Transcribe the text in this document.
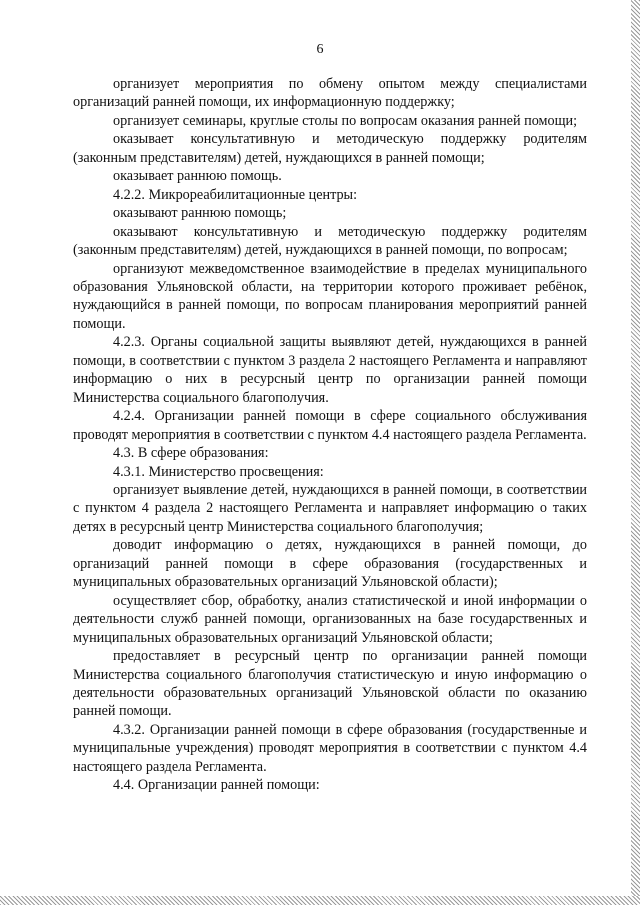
6

организует мероприятия по обмену опытом между специалистами организаций ранней помощи, их информационную поддержку;

организует семинары, круглые столы по вопросам оказания ранней помощи;

оказывает консультативную и методическую поддержку родителям (законным представителям) детей, нуждающихся в ранней помощи;

оказывает раннюю помощь.

4.2.2. Микрореабилитационные центры:

оказывают раннюю помощь;

оказывают консультативную и методическую поддержку родителям (законным представителям) детей, нуждающихся в ранней помощи, по вопросам;

организуют межведомственное взаимодействие в пределах муниципального образования Ульяновской области, на территории которого проживает ребёнок, нуждающийся в ранней помощи, по вопросам планирования мероприятий ранней помощи.

4.2.3. Органы социальной защиты выявляют детей, нуждающихся в ранней помощи, в соответствии с пунктом 3 раздела 2 настоящего Регламента и направляют информацию о них в ресурсный центр по организации ранней помощи Министерства социального благополучия.

4.2.4. Организации ранней помощи в сфере социального обслуживания проводят мероприятия в соответствии с пунктом 4.4 настоящего раздела Регламента.

4.3. В сфере образования:

4.3.1. Министерство просвещения:

организует выявление детей, нуждающихся в ранней помощи, в соответствии с пунктом 4 раздела 2 настоящего Регламента и направляет информацию о таких детях в ресурсный центр Министерства социального благополучия;

доводит информацию о детях, нуждающихся в ранней помощи, до организаций ранней помощи в сфере образования (государственных и муниципальных образовательных организаций Ульяновской области);

осуществляет сбор, обработку, анализ статистической и иной информации о деятельности служб ранней помощи, организованных на базе государственных и муниципальных образовательных организаций Ульяновской области;

предоставляет в ресурсный центр по организации ранней помощи Министерства социального благополучия статистическую и иную информацию о деятельности образовательных организаций Ульяновской области по оказанию ранней помощи.

4.3.2. Организации ранней помощи в сфере образования (государственные и муниципальные учреждения) проводят мероприятия в соответствии с пунктом 4.4 настоящего раздела Регламента.

4.4. Организации ранней помощи:
